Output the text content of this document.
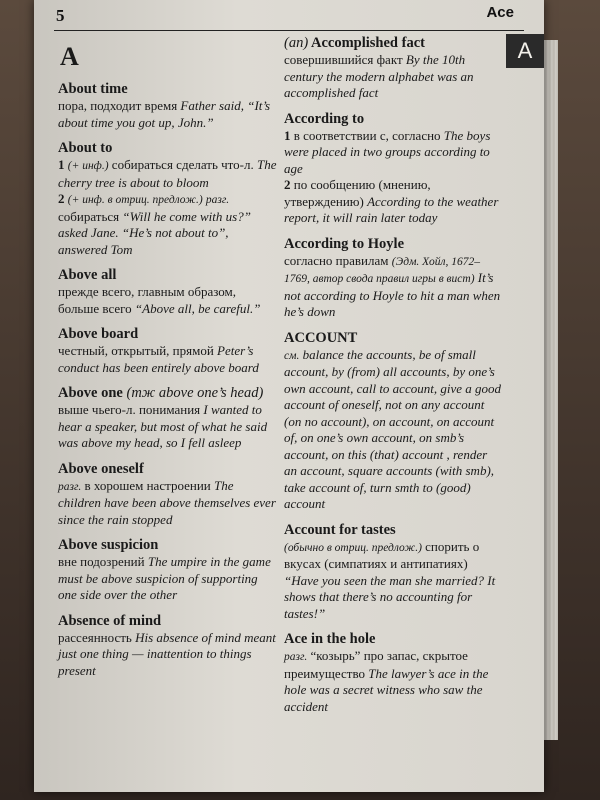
5	Ace
A
A
About time
пора, подходит время Father said, “It’s about time you got up, John.”
About to
1 (+ инф.) собираться сделать что-л. The cherry tree is about to bloom
2 (+ инф. в отриц. предлож.) разг. собираться “Will he come with us?” asked Jane. “He’s not about to”, answered Tom
Above all
прежде всего, главным образом, больше всего “Above all, be careful.”
Above board
честный, открытый, прямой Peter’s conduct has been entirely above board
Above one (тж above one’s head)
выше чьего-л. понимания I wanted to hear a speaker, but most of what he said was above my head, so I fell asleep
Above oneself
разг. в хорошем настроении The children have been above themselves ever since the rain stopped
Above suspicion
вне подозрений The umpire in the game must be above suspicion of supporting one side over the other
Absence of mind
рассеянность His absence of mind meant just one thing — inattention to things present
(an) Accomplished fact
совершившийся факт By the 10th century the modern alphabet was an accomplished fact
According to
1 в соответствии с, согласно The boys were placed in two groups according to age
2 по сообщению (мнению, утверждению) According to the weather report, it will rain later today
According to Hoyle
согласно правилам (Эдм. Хойл, 1672–1769, автор свода правил игры в вист) It’s not according to Hoyle to hit a man when he’s down
ACCOUNT
см. balance the accounts, be of small account, by (from) all accounts, by one’s own account, call to account, give a good account of oneself, not on any account (on no account), on account, on account of, on one’s own account, on smb’s account, on this (that) account , render an account, square accounts (with smb), take account of, turn smth to (good) account
Account for tastes
(обычно в отриц. предлож.) спорить о вкусах (симпатиях и антипатиях) “Have you seen the man she married? It shows that there’s no accounting for tastes!”
Ace in the hole
разг. “козырь” про запас, скрытое преимущество The lawyer’s ace in the hole was a secret witness who saw the accident
